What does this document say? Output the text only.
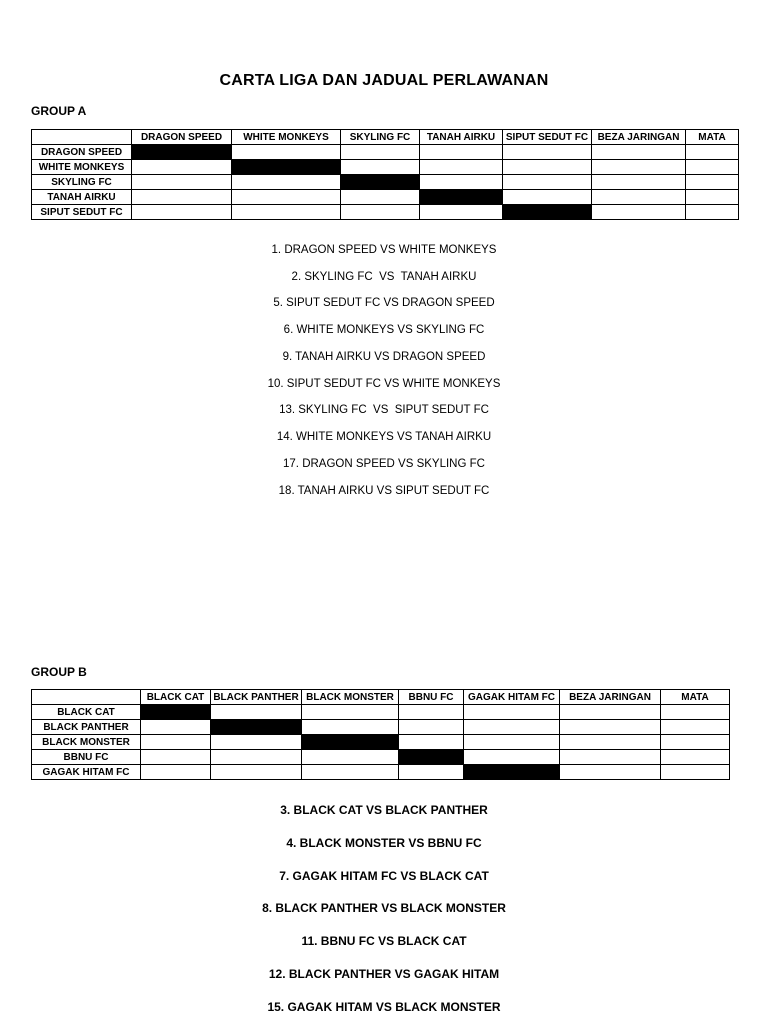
CARTA LIGA DAN JADUAL PERLAWANAN
GROUP A
	DRAGON SPEED	WHITE MONKEYS	SKYLING FC	TANAH AIRKU	SIPUT SEDUT FC	BEZA JARINGAN	MATA
DRAGON SPEED							
WHITE MONKEYS							
SKYLING FC							
TANAH AIRKU							
SIPUT SEDUT FC							
1. DRAGON SPEED VS WHITE MONKEYS
2. SKYLING FC  VS  TANAH AIRKU
5. SIPUT SEDUT FC VS DRAGON SPEED
6. WHITE MONKEYS VS SKYLING FC
9. TANAH AIRKU VS DRAGON SPEED
10. SIPUT SEDUT FC VS WHITE MONKEYS
13. SKYLING FC  VS  SIPUT SEDUT FC
14. WHITE MONKEYS VS TANAH AIRKU
17. DRAGON SPEED VS SKYLING FC
18. TANAH AIRKU VS SIPUT SEDUT FC
GROUP B
	BLACK CAT	BLACK PANTHER	BLACK MONSTER	BBNU FC	GAGAK HITAM FC	BEZA JARINGAN	MATA
BLACK CAT							
BLACK PANTHER							
BLACK MONSTER							
BBNU FC							
GAGAK HITAM FC							
3. BLACK CAT VS BLACK PANTHER
4. BLACK MONSTER VS BBNU FC
7. GAGAK HITAM FC VS BLACK CAT
8. BLACK PANTHER VS BLACK MONSTER
11. BBNU FC VS BLACK CAT
12. BLACK PANTHER VS GAGAK HITAM
15. GAGAK HITAM VS BLACK MONSTER
